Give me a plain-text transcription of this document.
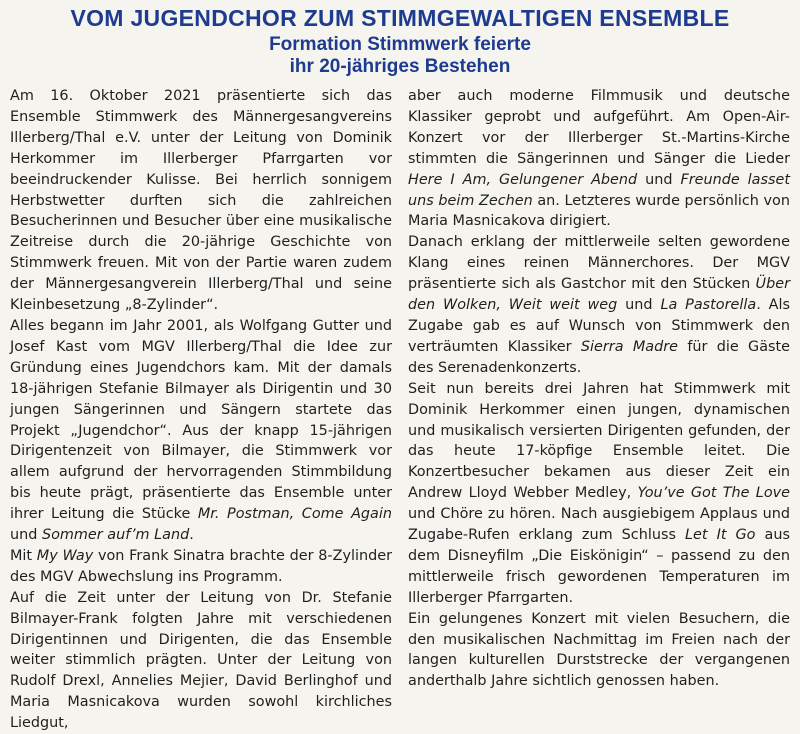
VOM JUGENDCHOR ZUM STIMMGEWALTIGEN ENSEMBLE
Formation Stimmwerk feierte
ihr 20-jähriges Bestehen

Am 16. Oktober 2021 präsentierte sich das Ensemble Stimmwerk des Männergesangvereins Illerberg/Thal e.V. unter der Leitung von Dominik Herkommer im Illerberger Pfarrgarten vor beeindruckender Kulisse. Bei herrlich sonnigem Herbstwetter durften sich die zahlreichen Besucherinnen und Besucher über eine musikalische Zeitreise durch die 20-jährige Geschichte von Stimmwerk freuen. Mit von der Partie waren zudem der Männergesangverein Illerberg/Thal und seine Kleinbesetzung „8-Zylinder“.

Alles begann im Jahr 2001, als Wolfgang Gutter und Josef Kast vom MGV Illerberg/Thal die Idee zur Gründung eines Jugendchors kam. Mit der damals 18-jährigen Stefanie Bilmayer als Dirigentin und 30 jungen Sängerinnen und Sängern startete das Projekt „Jugendchor“. Aus der knapp 15-jährigen Dirigentenzeit von Bilmayer, die Stimmwerk vor allem aufgrund der hervorragenden Stimmbildung bis heute prägt, präsentierte das Ensemble unter ihrer Leitung die Stücke Mr. Postman, Come Again und Sommer auf’m Land.

Mit My Way von Frank Sinatra brachte der 8-Zylinder des MGV Abwechslung ins Programm.

Auf die Zeit unter der Leitung von Dr. Stefanie Bilmayer-Frank folgten Jahre mit verschiedenen Dirigentinnen und Dirigenten, die das Ensemble weiter stimmlich prägten. Unter der Leitung von Rudolf Drexl, Annelies Mejier, David Berlinghof und Maria Masnicakova wurden sowohl kirchliches Liedgut,

aber auch moderne Filmmusik und deutsche Klassiker geprobt und aufgeführt. Am Open-Air-Konzert vor der Illerberger St.-Martins-Kirche stimmten die Sängerinnen und Sänger die Lieder Here I Am, Gelungener Abend und Freunde lasset uns beim Zechen an. Letzteres wurde persönlich von Maria Masnicakova dirigiert.

Danach erklang der mittlerweile selten gewordene Klang eines reinen Männerchores. Der MGV präsentierte sich als Gastchor mit den Stücken Über den Wolken, Weit weit weg und La Pastorella. Als Zugabe gab es auf Wunsch von Stimmwerk den verträumten Klassiker Sierra Madre für die Gäste des Serenadenkonzerts.

Seit nun bereits drei Jahren hat Stimmwerk mit Dominik Herkommer einen jungen, dynamischen und musikalisch versierten Dirigenten gefunden, der das heute 17-köpfige Ensemble leitet. Die Konzertbesucher bekamen aus dieser Zeit ein Andrew Lloyd Webber Medley, You’ve Got The Love und Chöre zu hören. Nach ausgiebigem Applaus und Zugabe-Rufen erklang zum Schluss Let It Go aus dem Disneyfilm „Die Eiskönigin“ – passend zu den mittlerweile frisch gewordenen Temperaturen im Illerberger Pfarrgarten.

Ein gelungenes Konzert mit vielen Besuchern, die den musikalischen Nachmittag im Freien nach der langen kulturellen Durststrecke der vergangenen anderthalb Jahre sichtlich genossen haben.
